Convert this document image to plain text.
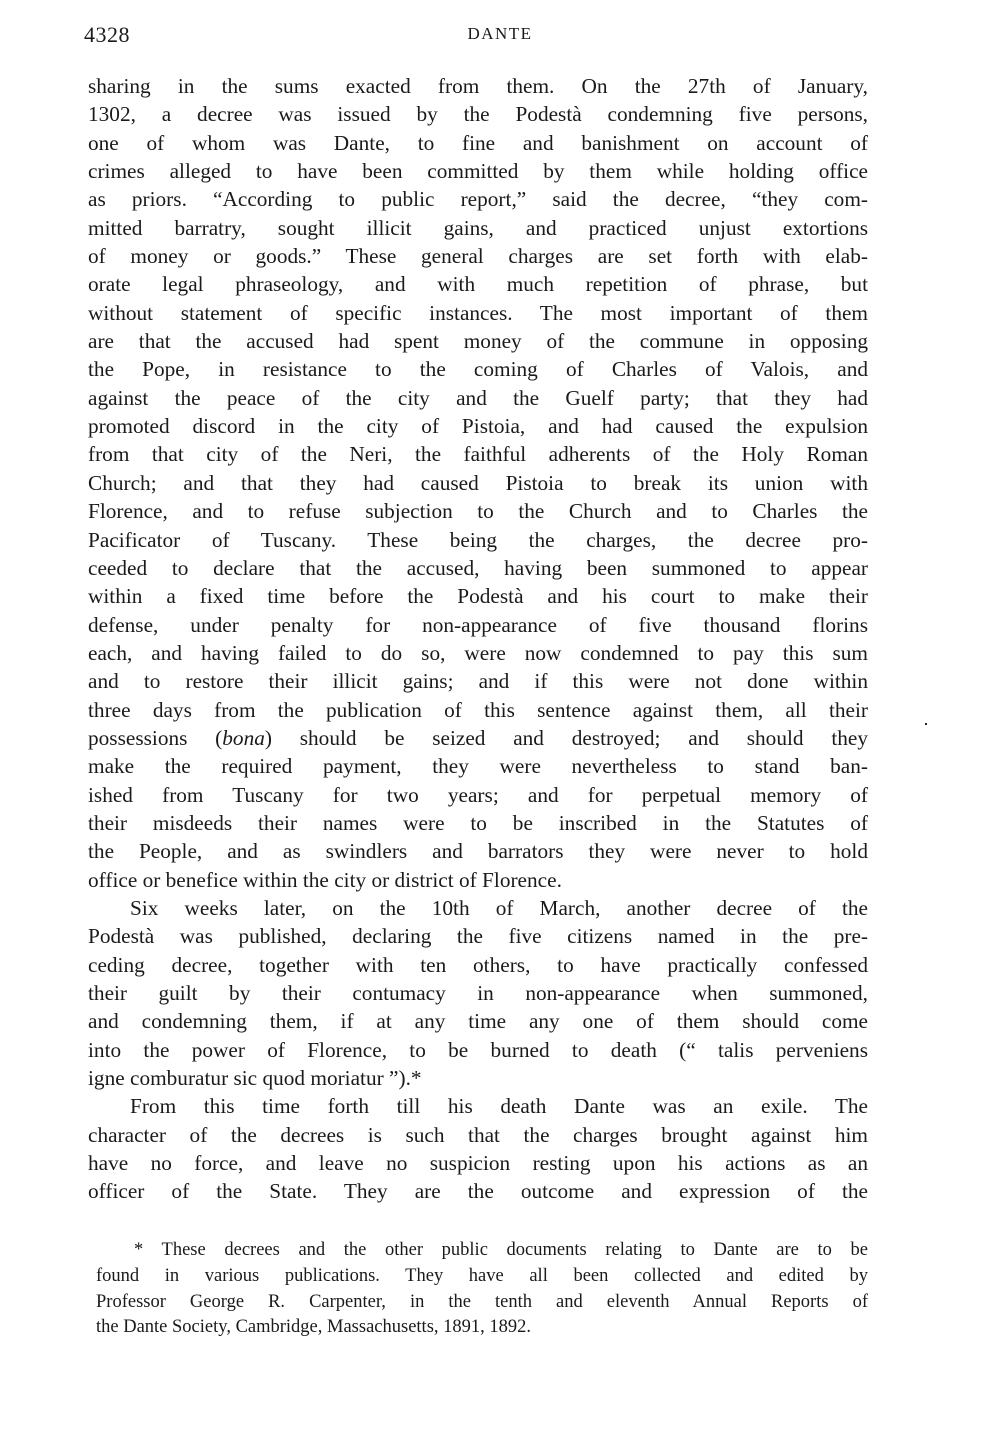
4328	DANTE
sharing in the sums exacted from them. On the 27th of January,
1302, a decree was issued by the Podestà condemning five persons,
one of whom was Dante, to fine and banishment on account of
crimes alleged to have been committed by them while holding office
as priors. “According to public report,” said the decree, “they com-
mitted barratry, sought illicit gains, and practiced unjust extortions
of money or goods.” These general charges are set forth with elab-
orate legal phraseology, and with much repetition of phrase, but
without statement of specific instances. The most important of them
are that the accused had spent money of the commune in opposing
the Pope, in resistance to the coming of Charles of Valois, and
against the peace of the city and the Guelf party; that they had
promoted discord in the city of Pistoia, and had caused the expulsion
from that city of the Neri, the faithful adherents of the Holy Roman
Church; and that they had caused Pistoia to break its union with
Florence, and to refuse subjection to the Church and to Charles the
Pacificator of Tuscany. These being the charges, the decree pro-
ceeded to declare that the accused, having been summoned to appear
within a fixed time before the Podestà and his court to make their
defense, under penalty for non-appearance of five thousand florins
each, and having failed to do so, were now condemned to pay this sum
and to restore their illicit gains; and if this were not done within
three days from the publication of this sentence against them, all their
possessions (bona) should be seized and destroyed; and should they
make the required payment, they were nevertheless to stand ban-
ished from Tuscany for two years; and for perpetual memory of
their misdeeds their names were to be inscribed in the Statutes of
the People, and as swindlers and barrators they were never to hold
office or benefice within the city or district of Florence.
Six weeks later, on the 10th of March, another decree of the
Podestà was published, declaring the five citizens named in the pre-
ceding decree, together with ten others, to have practically confessed
their guilt by their contumacy in non-appearance when summoned,
and condemning them, if at any time any one of them should come
into the power of Florence, to be burned to death (“ talis perveniens
igne comburatur sic quod moriatur ”).*
From this time forth till his death Dante was an exile. The
character of the decrees is such that the charges brought against him
have no force, and leave no suspicion resting upon his actions as an
officer of the State. They are the outcome and expression of the
* These decrees and the other public documents relating to Dante are to be
found in various publications. They have all been collected and edited by
Professor George R. Carpenter, in the tenth and eleventh Annual Reports of
the Dante Society, Cambridge, Massachusetts, 1891, 1892.
